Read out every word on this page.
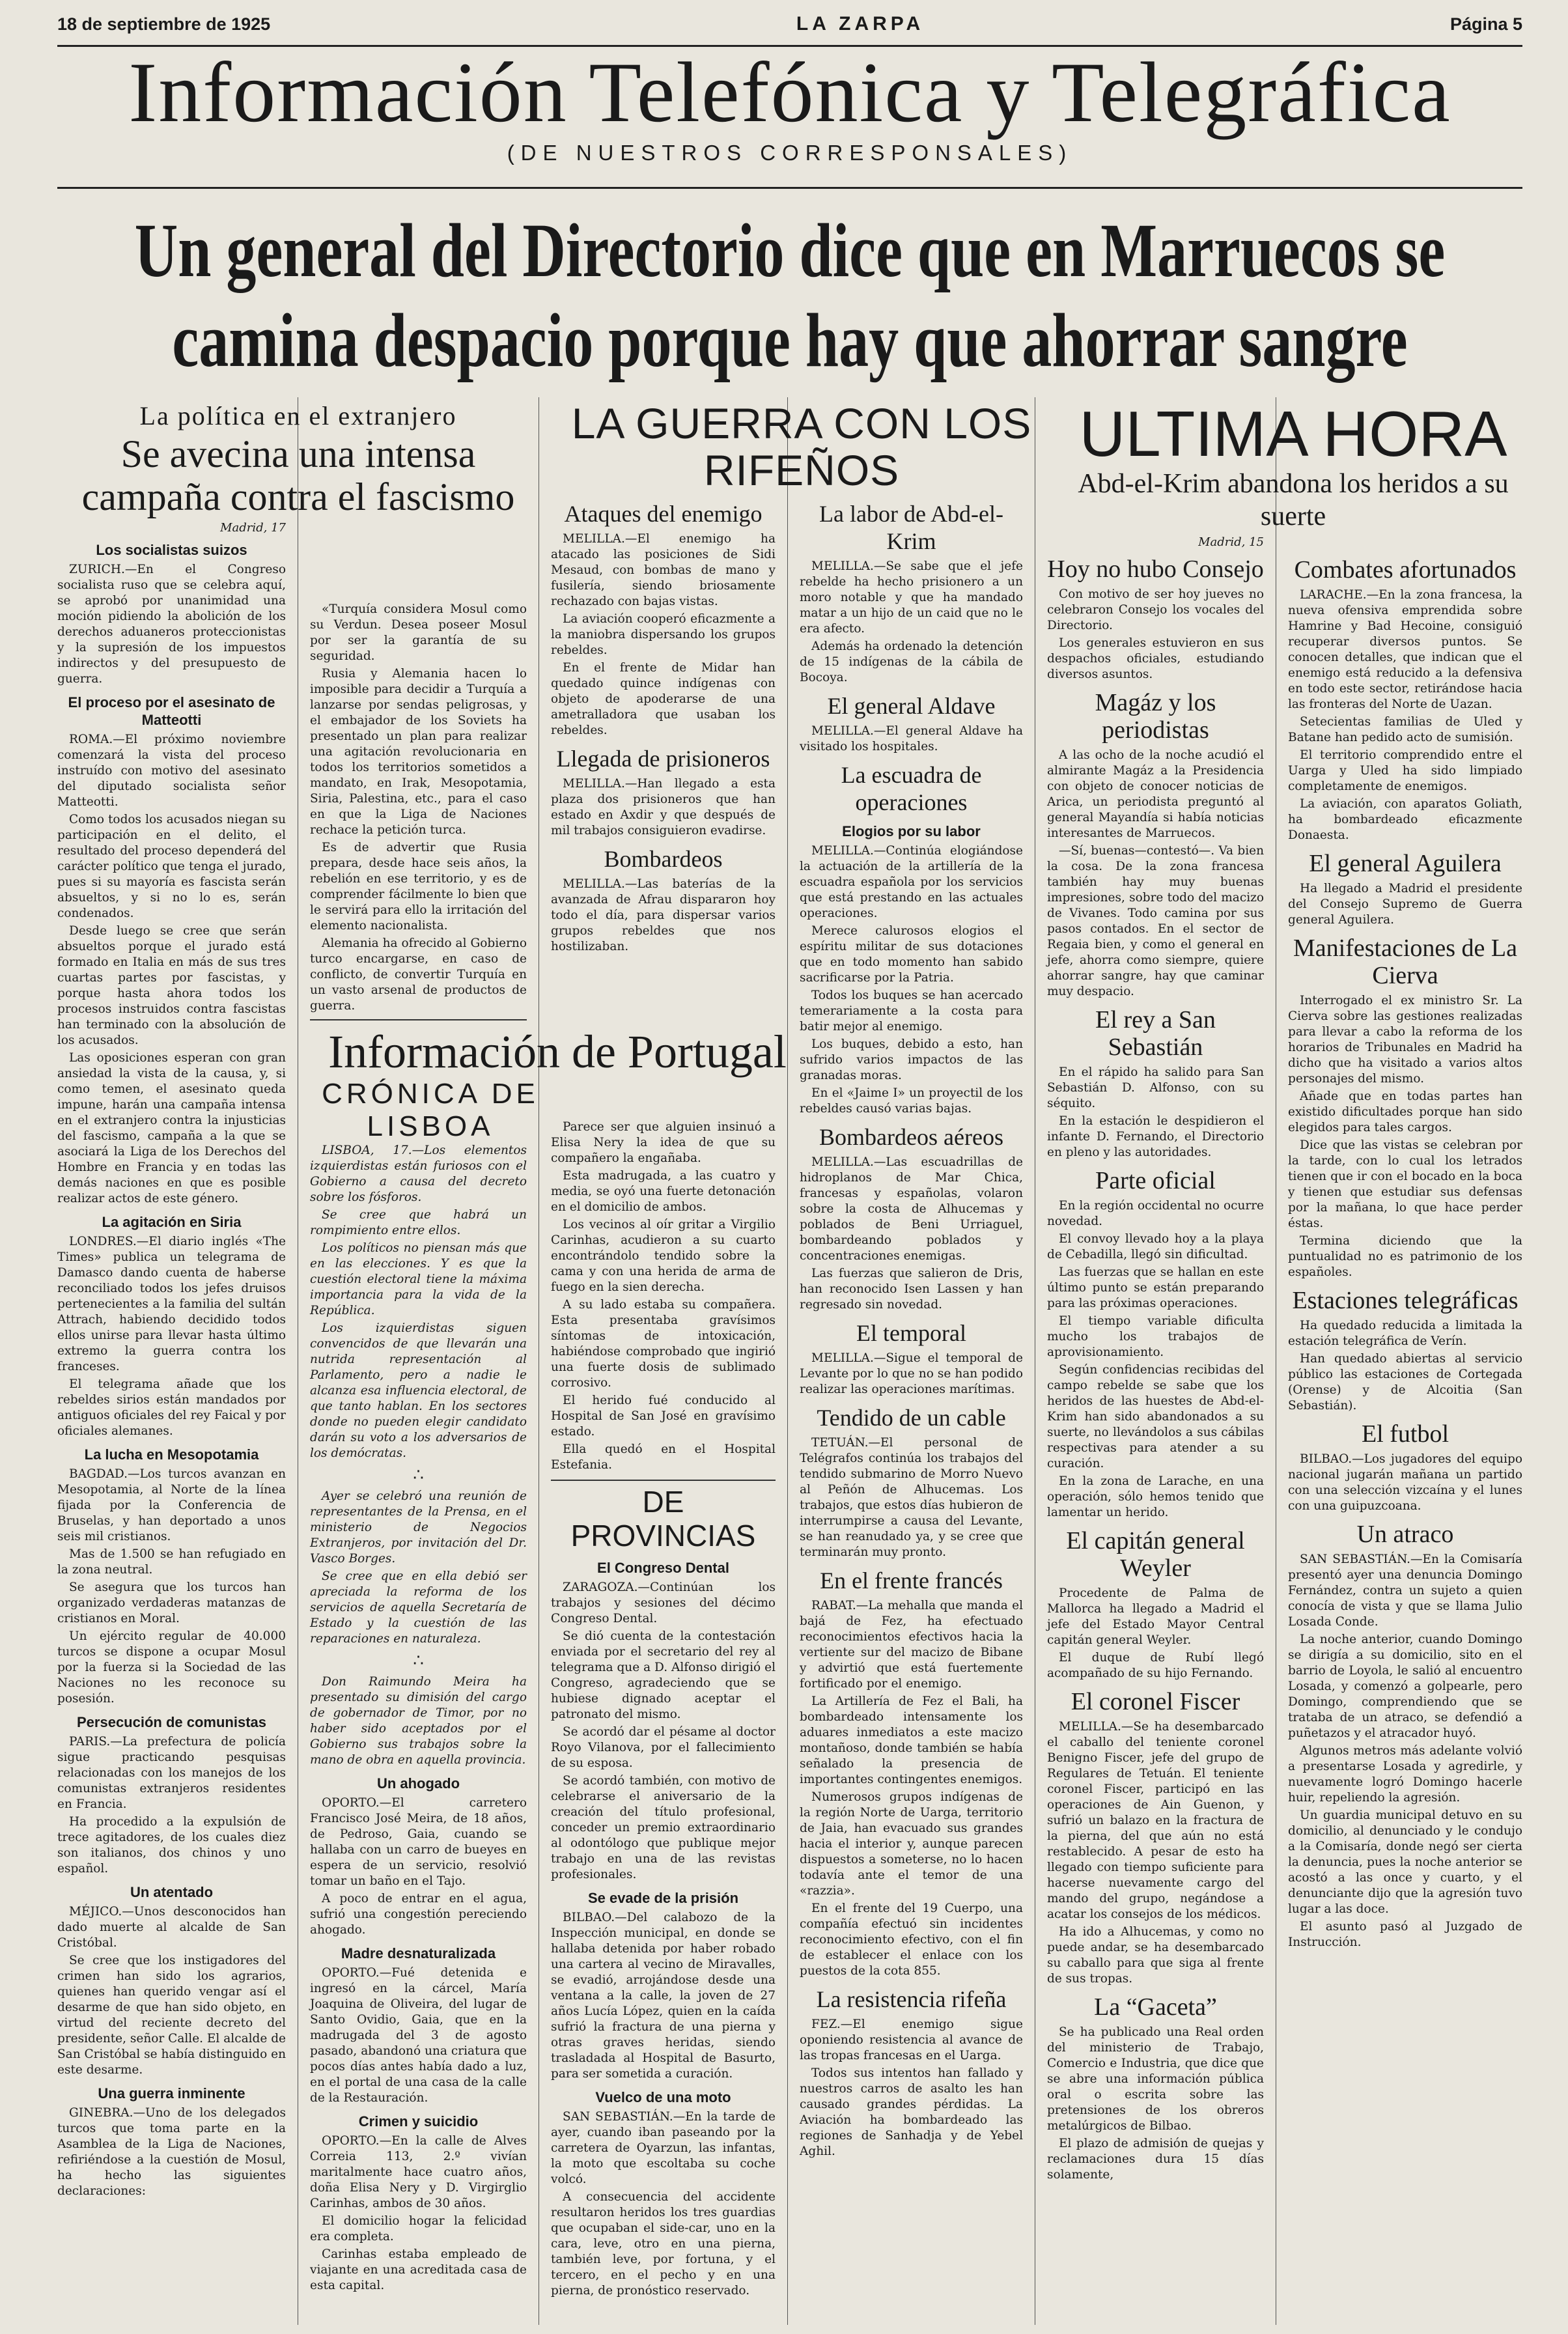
18 de septiembre de 1925	LA ZARPA	Página 5
Información Telefónica y Telegráfica
(DE NUESTROS CORRESPONSALES)
Un general del Directorio dice que en Marruecos se camina despacio porque hay que ahorrar sangre
La política en el extranjero
Se avecina una intensa campaña contra el fascismo
Madrid, 17
Los socialistas suizos

ZURICH.—En el Congreso socialista ruso que se celebra aquí, se aprobó por unanimidad una moción pidiendo la abolición de los derechos aduaneros proteccionistas y la supresión de los impuestos indirectos y del presupuesto de guerra.

El proceso por el asesinato de Matteotti

ROMA.—El próximo noviembre comenzará la vista del proceso instruído con motivo del asesinato del diputado socialista señor Matteotti.

Como todos los acusados niegan su participación en el delito, el resultado del proceso dependerá del carácter político que tenga el jurado, pues si su mayoría es fascista serán absueltos, y si no lo es, serán condenados.

Desde luego se cree que serán absueltos porque el jurado está formado en Italia en más de sus tres cuartas partes por fascistas, y porque hasta ahora todos los procesos instruidos contra fascistas han terminado con la absolución de los acusados.

Las oposiciones esperan con gran ansiedad la vista de la causa, y, si como temen, el asesinato queda impune, harán una campaña intensa en el extranjero contra la injusticias del fascismo, campaña a la que se asociará la Liga de los Derechos del Hombre en Francia y en todas las demás naciones en que es posible realizar actos de este género.

La agitación en Siria

LONDRES.—El diario inglés «The Times» publica un telegrama de Damasco dando cuenta de haberse reconciliado todos los jefes druisos pertenecientes a la familia del sultán Attrach, habiendo decidido todos ellos unirse para llevar hasta último extremo la guerra contra los franceses.

El telegrama añade que los rebeldes sirios están mandados por antiguos oficiales del rey Faical y por oficiales alemanes.

La lucha en Mesopotamia

BAGDAD.—Los turcos avanzan en Mesopotamia, al Norte de la línea fijada por la Conferencia de Bruselas, y han deportado a unos seis mil cristianos.

Mas de 1.500 se han refugiado en la zona neutral.

Se asegura que los turcos han organizado verdaderas matanzas de cristianos en Moral.

Un ejército regular de 40.000 turcos se dispone a ocupar Mosul por la fuerza si la Sociedad de las Naciones no les reconoce su posesión.

Persecución de comunistas

PARIS.—La prefectura de policía sigue practicando pesquisas relacionadas con los manejos de los comunistas extranjeros residentes en Francia.

Ha procedido a la expulsión de trece agitadores, de los cuales diez son italianos, dos chinos y uno español.

Un atentado

MÉJICO.—Unos desconocidos han dado muerte al alcalde de San Cristóbal.

Se cree que los instigadores del crimen han sido los agrarios, quienes han querido vengar así el desarme de que han sido objeto, en virtud del reciente decreto del presidente, señor Calle. El alcalde de San Cristóbal se había distinguido en este desarme.

Una guerra inminente

GINEBRA.—Uno de los delegados turcos que toma parte en la Asamblea de la Liga de Naciones, refiriéndose a la cuestión de Mosul, ha hecho las siguientes declaraciones:

«Turquía considera Mosul como su Verdun. Desea poseer Mosul por ser la garantía de su seguridad.

Rusia y Alemania hacen lo imposible para decidir a Turquía a lanzarse por sendas peligrosas, y el embajador de los Soviets ha presentado un plan para realizar una agitación revolucionaria en todos los territorios sometidos a mandato, en Irak, Mesopotamia, Siria, Palestina, etc., para el caso en que la Liga de Naciones rechace la petición turca.

Es de advertir que Rusia prepara, desde hace seis años, la rebelión en ese territorio, y es de comprender fácilmente lo bien que le servirá para ello la irritación del elemento nacionalista.

Alemania ha ofrecido al Gobierno turco encargarse, en caso de conflicto, de convertir Turquía en un vasto arsenal de productos de guerra.

Información de Portugal
CRÓNICA DE LISBOA

LISBOA, 17.—Los elementos izquierdistas están furiosos con el Gobierno a causa del decreto sobre los fósforos.

Se cree que habrá un rompimiento entre ellos.

Los políticos no piensan más que en las elecciones. Y es que la cuestión electoral tiene la máxima importancia para la vida de la República.

Los izquierdistas siguen convencidos de que llevarán una nutrida representación al Parlamento, pero a nadie le alcanza esa influencia electoral, de que tanto hablan. En los sectores donde no pueden elegir candidato darán su voto a los adversarios de los demócratas.

∴

Ayer se celebró una reunión de representantes de la Prensa, en el ministerio de Negocios Extranjeros, por invitación del Dr. Vasco Borges.

Se cree que en ella debió ser apreciada la reforma de los servicios de aquella Secretaría de Estado y la cuestión de las reparaciones en naturaleza.

∴

Don Raimundo Meira ha presentado su dimisión del cargo de gobernador de Timor, por no haber sido aceptados por el Gobierno sus trabajos sobre la mano de obra en aquella provincia.

Un ahogado

OPORTO.—El carretero Francisco José Meira, de 18 años, de Pedroso, Gaia, cuando se hallaba con un carro de bueyes en espera de un servicio, resolvió tomar un baño en el Tajo.

A poco de entrar en el agua, sufrió una congestión pereciendo ahogado.

Madre desnaturalizada

OPORTO.—Fué detenida e ingresó en la cárcel, María Joaquina de Oliveira, del lugar de Santo Ovidio, Gaia, que en la madrugada del 3 de agosto pasado, abandonó una criatura que pocos días antes había dado a luz, en el portal de una casa de la calle de la Restauración.

Crimen y suicidio

OPORTO.—En la calle de Alves Correia 113, 2.º vivían maritalmente hace cuatro años, doña Elisa Nery y D. Virgirglio Carinhas, ambos de 30 años.

El domicilio hogar la felicidad era completa.

Carinhas estaba empleado de viajante en una acreditada casa de esta capital.

LA GUERRA CON LOS RIFEÑOS
Ataques del enemigo

MELILLA.—El enemigo ha atacado las posiciones de Sidi Mesaud, con bombas de mano y fusilería, siendo briosamente rechazado con bajas vistas.

La aviación cooperó eficazmente a la maniobra dispersando los grupos rebeldes.

En el frente de Midar han quedado quince indígenas con objeto de apoderarse de una ametralladora que usaban los rebeldes.

Llegada de prisioneros

MELILLA.—Han llegado a esta plaza dos prisioneros que han estado en Axdir y que después de mil trabajos consiguieron evadirse.

Bombardeos

MELILLA.—Las baterías de la avanzada de Afrau dispararon hoy todo el día, para dispersar varios grupos rebeldes que nos hostilizaban.

Parece ser que alguien insinuó a Elisa Nery la idea de que su compañero la engañaba.

Esta madrugada, a las cuatro y media, se oyó una fuerte detonación en el domicilio de ambos.

Los vecinos al oír gritar a Virgilio Carinhas, acudieron a su cuarto encontrándolo tendido sobre la cama y con una herida de arma de fuego en la sien derecha.

A su lado estaba su compañera. Esta presentaba gravísimos síntomas de intoxicación, habiéndose comprobado que ingirió una fuerte dosis de sublimado corrosivo.

El herido fué conducido al Hospital de San José en gravísimo estado.

Ella quedó en el Hospital Estefania.

DE PROVINCIAS
El Congreso Dental

ZARAGOZA.—Continúan los trabajos y sesiones del décimo Congreso Dental.

Se dió cuenta de la contestación enviada por el secretario del rey al telegrama que a D. Alfonso dirigió el Congreso, agradeciendo que se hubiese dignado aceptar el patronato del mismo.

Se acordó dar el pésame al doctor Royo Vilanova, por el fallecimiento de su esposa.

Se acordó también, con motivo de celebrarse el aniversario de la creación del título profesional, conceder un premio extraordinario al odontólogo que publique mejor trabajo en una de las revistas profesionales.

Se evade de la prisión

BILBAO.—Del calabozo de la Inspección municipal, en donde se hallaba detenida por haber robado una cartera al vecino de Miravalles, se evadió, arrojándose desde una ventana a la calle, la joven de 27 años Lucía López, quien en la caída sufrió la fractura de una pierna y otras graves heridas, siendo trasladada al Hospital de Basurto, para ser sometida a curación.

Vuelco de una moto

SAN SEBASTIÁN.—En la tarde de ayer, cuando iban paseando por la carretera de Oyarzun, las infantas, la moto que escoltaba su coche volcó.

A consecuencia del accidente resultaron heridos los tres guardias que ocupaban el side-car, uno en la cara, leve, otro en una pierna, también leve, por fortuna, y el tercero, en el pecho y en una pierna, de pronóstico reservado.

La labor de Abd-el-Krim

MELILLA.—Se sabe que el jefe rebelde ha hecho prisionero a un moro notable y que ha mandado matar a un hijo de un caid que no le era afecto.

Además ha ordenado la detención de 15 indígenas de la cábila de Bocoya.

El general Aldave

MELILLA.—El general Aldave ha visitado los hospitales.

La escuadra de operaciones
Elogios por su labor

MELILLA.—Continúa elogiándose la actuación de la artillería de la escuadra española por los servicios que está prestando en las actuales operaciones.

Merece calurosos elogios el espíritu militar de sus dotaciones que en todo momento han sabido sacrificarse por la Patria.

Todos los buques se han acercado temerariamente a la costa para batir mejor al enemigo.

Los buques, debido a esto, han sufrido varios impactos de las granadas moras.

En el «Jaime I» un proyectil de los rebeldes causó varias bajas.

Bombardeos aéreos

MELILLA.—Las escuadrillas de hidroplanos de Mar Chica, francesas y españolas, volaron sobre la costa de Alhucemas y poblados de Beni Urriaguel, bombardeando poblados y concentraciones enemigas.

Las fuerzas que salieron de Dris, han reconocido Isen Lassen y han regresado sin novedad.

El temporal

MELILLA.—Sigue el temporal de Levante por lo que no se han podido realizar las operaciones marítimas.

Tendido de un cable

TETUÁN.—El personal de Telégrafos continúa los trabajos del tendido submarino de Morro Nuevo al Peñón de Alhucemas. Los trabajos, que estos días hubieron de interrumpirse a causa del Levante, se han reanudado ya, y se cree que terminarán muy pronto.

En el frente francés

RABAT.—La mehalla que manda el bajá de Fez, ha efectuado reconocimientos efectivos hacia la vertiente sur del macizo de Bibane y advirtió que está fuertemente fortificado por el enemigo.

La Artillería de Fez el Bali, ha bombardeado intensamente los aduares inmediatos a este macizo montañoso, donde también se había señalado la presencia de importantes contingentes enemigos.

Numerosos grupos indígenas de la región Norte de Uarga, territorio de Jaia, han evacuado sus grandes hacia el interior y, aunque parecen dispuestos a someterse, no lo hacen todavía ante el temor de una «razzia».

En el frente del 19 Cuerpo, una compañía efectuó sin incidentes reconocimiento efectivo, con el fin de establecer el enlace con los puestos de la cota 855.

La resistencia rifeña

FEZ.—El enemigo sigue oponiendo resistencia al avance de las tropas francesas en el Uarga.

Todos sus intentos han fallado y nuestros carros de asalto les han causado grandes pérdidas. La Aviación ha bombardeado las regiones de Sanhadja y de Yebel Aghil.

ULTIMA HORA
Abd-el-Krim abandona los heridos a su suerte
Madrid, 15
Hoy no hubo Consejo

Con motivo de ser hoy jueves no celebraron Consejo los vocales del Directorio.

Los generales estuvieron en sus despachos oficiales, estudiando diversos asuntos.

Magáz y los periodistas

A las ocho de la noche acudió el almirante Magáz a la Presidencia con objeto de conocer noticias de Arica, un periodista preguntó al general Mayandía si había noticias interesantes de Marruecos.

—Sí, buenas—contestó—. Va bien la cosa. De la zona francesa también hay muy buenas impresiones, sobre todo del macizo de Vivanes. Todo camina por sus pasos contados. En el sector de Regaia bien, y como el general en jefe, ahorra como siempre, quiere ahorrar sangre, hay que caminar muy despacio.

El rey a San Sebastián

En el rápido ha salido para San Sebastián D. Alfonso, con su séquito.

En la estación le despidieron el infante D. Fernando, el Directorio en pleno y las autoridades.

Parte oficial

En la región occidental no ocurre novedad.

El convoy llevado hoy a la playa de Cebadilla, llegó sin dificultad.

Las fuerzas que se hallan en este último punto se están preparando para las próximas operaciones.

El tiempo variable dificulta mucho los trabajos de aprovisionamiento.

Según confidencias recibidas del campo rebelde se sabe que los heridos de las huestes de Abd-el-Krim han sido abandonados a su suerte, no llevándolos a sus cábilas respectivas para atender a su curación.

En la zona de Larache, en una operación, sólo hemos tenido que lamentar un herido.

El capitán general Weyler

Procedente de Palma de Mallorca ha llegado a Madrid el jefe del Estado Mayor Central capitán general Weyler.

El duque de Rubí llegó acompañado de su hijo Fernando.

El coronel Fiscer

MELILLA.—Se ha desembarcado el caballo del teniente coronel Benigno Fiscer, jefe del grupo de Regulares de Tetuán. El teniente coronel Fiscer, participó en las operaciones de Ain Guenon, y sufrió un balazo en la fractura de la pierna, del que aún no está restablecido. A pesar de esto ha llegado con tiempo suficiente para hacerse nuevamente cargo del mando del grupo, negándose a acatar los consejos de los médicos.

Ha ido a Alhucemas, y como no puede andar, se ha desembarcado su caballo para que siga al frente de sus tropas.

La “Gaceta”

Se ha publicado una Real orden del ministerio de Trabajo, Comercio e Industria, que dice que se abre una información pública oral o escrita sobre las pretensiones de los obreros metalúrgicos de Bilbao.

El plazo de admisión de quejas y reclamaciones dura 15 días solamente,

Combates afortunados

LARACHE.—En la zona francesa, la nueva ofensiva emprendida sobre Hamrine y Bad Hecoine, consiguió recuperar diversos puntos. Se conocen detalles, que indican que el enemigo está reducido a la defensiva en todo este sector, retirándose hacia las fronteras del Norte de Uazan.

Setecientas familias de Uled y Batane han pedido acto de sumisión.

El territorio comprendido entre el Uarga y Uled ha sido limpiado completamente de enemigos.

La aviación, con aparatos Goliath, ha bombardeado eficazmente Donaesta.

El general Aguilera

Ha llegado a Madrid el presidente del Consejo Supremo de Guerra general Aguilera.

Manifestaciones de La Cierva

Interrogado el ex ministro Sr. La Cierva sobre las gestiones realizadas para llevar a cabo la reforma de los horarios de Tribunales en Madrid ha dicho que ha visitado a varios altos personajes del mismo.

Añade que en todas partes han existido dificultades porque han sido elegidos para tales cargos.

Dice que las vistas se celebran por la tarde, con lo cual los letrados tienen que ir con el bocado en la boca y tienen que estudiar sus defensas por la mañana, lo que hace perder éstas.

Termina diciendo que la puntualidad no es patrimonio de los españoles.

Estaciones telegráficas

Ha quedado reducida a limitada la estación telegráfica de Verín.

Han quedado abiertas al servicio público las estaciones de Cortegada (Orense) y de Alcoitia (San Sebastián).

El futbol

BILBAO.—Los jugadores del equipo nacional jugarán mañana un partido con una selección vizcaína y el lunes con una guipuzcoana.

Un atraco

SAN SEBASTIÁN.—En la Comisaría presentó ayer una denuncia Domingo Fernández, contra un sujeto a quien conocía de vista y que se llama Julio Losada Conde.

La noche anterior, cuando Domingo se dirigía a su domicilio, sito en el barrio de Loyola, le salió al encuentro Losada, y comenzó a golpearle, pero Domingo, comprendiendo que se trataba de un atraco, se defendió a puñetazos y el atracador huyó.

Algunos metros más adelante volvió a presentarse Losada y agredirle, y nuevamente logró Domingo hacerle huir, repeliendo la agresión.

Un guardia municipal detuvo en su domicilio, al denunciado y le condujo a la Comisaría, donde negó ser cierta la denuncia, pues la noche anterior se acostó a las once y cuarto, y el denunciante dijo que la agresión tuvo lugar a las doce.

El asunto pasó al Juzgado de Instrucción.
